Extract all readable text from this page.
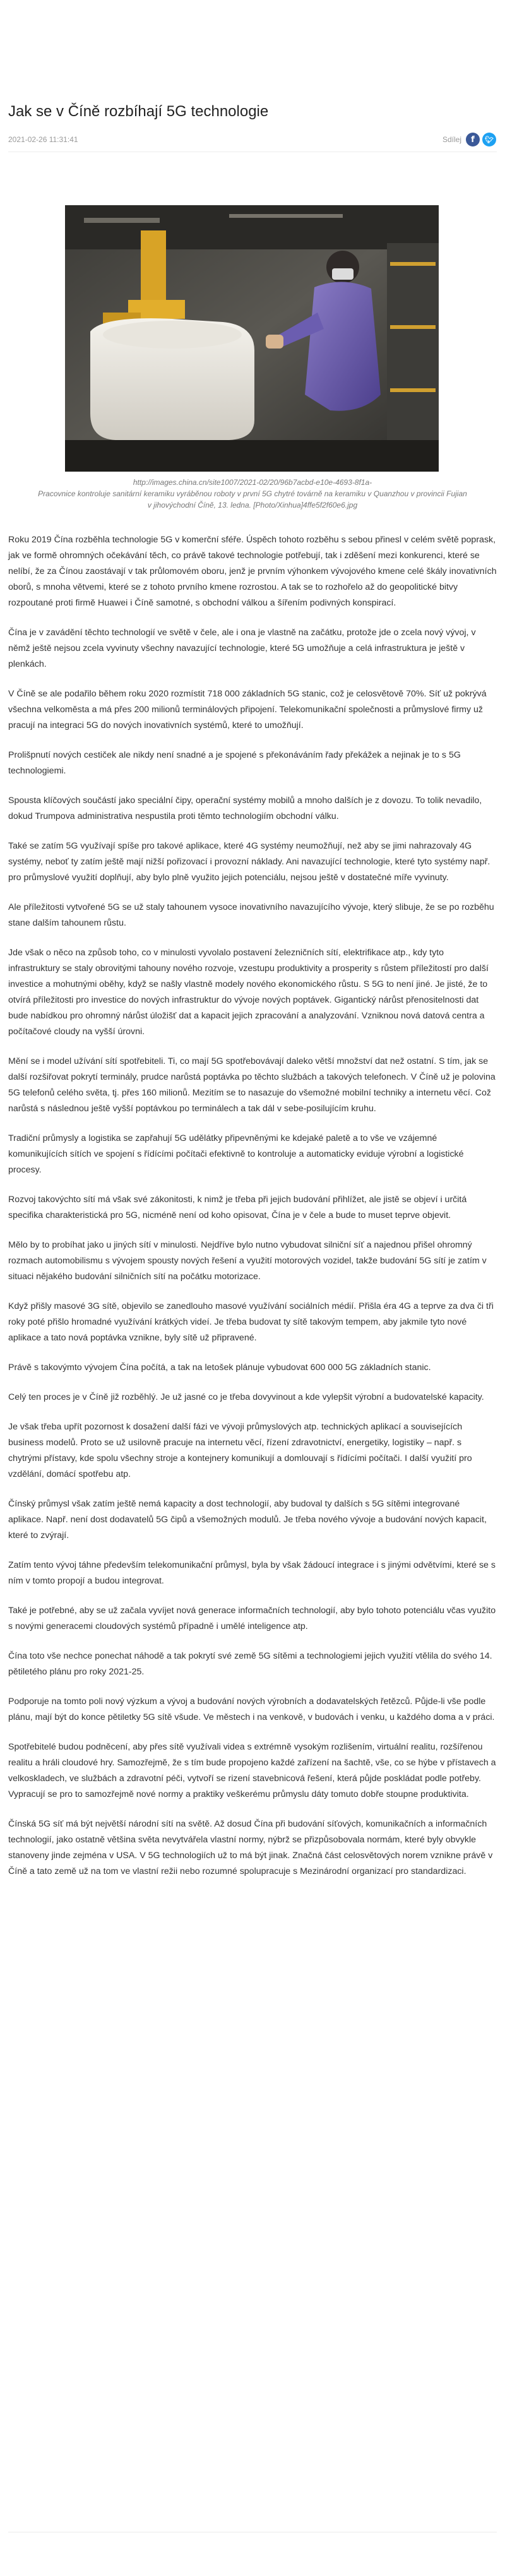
Jak se v Číně rozbíhají 5G technologie
2021-02-26 11:31:41	Sdílej	f	🐦︎
http://images.china.cn/site1007/2021-02/20/96b7acbd-e10e-4693-8f1a-
Pracovnice kontroluje sanitární keramiku vyráběnou roboty v první 5G chytré továrně na keramiku v Quanzhou v provincii Fujian v jihovýchodní Číně, 13. ledna. [Photo/Xinhua]4ffe5f2f60e6.jpg

Roku 2019 Čína rozběhla technologie 5G v komerční sféře. Úspěch tohoto rozběhu s sebou přinesl v celém světě poprask, jak ve formě ohromných očekávání těch, co právě takové technologie potřebují, tak i zděšení mezi konkurenci, které se nelíbí, že za Čínou zaostávají v tak průlomovém oboru, jenž je prvním výhonkem vývojového kmene celé škály inovativních oborů, s mnoha větvemi, které se z tohoto prvního kmene rozrostou. A tak se to rozhořelo až do geopolitické bitvy rozpoutané proti firmě Huawei i Číně samotné, s obchodní válkou a šířením podivných konspirací.

Čína je v zavádění těchto technologií ve světě v čele, ale i ona je vlastně na začátku, protože jde o zcela nový vývoj, v němž ještě nejsou zcela vyvinuty všechny navazující technologie, které 5G umožňuje a celá infrastruktura je ještě v plenkách.

V Číně se ale podařilo během roku 2020 rozmístit 718 000 základních 5G stanic, což je celosvětově 70%. Síť už pokrývá všechna velkoměsta a má přes 200 milionů terminálových připojení. Telekomunikační společnosti a průmyslové firmy už pracují na integraci 5G do nových inovativních systémů, které to umožňují.

Prolišpnutí nových cestiček ale nikdy není snadné a je spojené s překonáváním řady překážek a nejinak je to s 5G technologiemi.

Spousta klíčových součástí jako speciální čipy, operační systémy mobilů a mnoho dalších je z dovozu. To tolik nevadilo, dokud Trumpova administrativa nespustila proti těmto technologiím obchodní válku.

Také se zatím 5G využívají spíše pro takové aplikace, které 4G systémy neumožňují, než aby se jimi nahrazovaly 4G systémy, neboť ty zatím ještě mají nižší pořizovací i provozní náklady. Ani navazující technologie, které tyto systémy např. pro průmyslové využití doplňují, aby bylo plně využito jejich potenciálu, nejsou ještě v dostatečné míře vyvinuty.

Ale příležitosti vytvořené 5G se už staly tahounem vysoce inovativního navazujícího vývoje, který slibuje, že se po rozběhu stane dalším tahounem růstu.

Jde však o něco na způsob toho, co v minulosti vyvolalo postavení železničních sítí, elektrifikace atp., kdy tyto infrastruktury se staly obrovitými tahouny nového rozvoje, vzestupu produktivity a prosperity s růstem příležitostí pro další investice a mohutnými oběhy, když se našly vlastně modely nového ekonomického růstu. S 5G to není jiné. Je jisté, že to otvírá příležitosti pro investice do nových infrastruktur do vývoje nových poptávek. Gigantický nárůst přenositelnosti dat bude nabídkou pro ohromný nárůst úložišť dat a kapacit jejich zpracování a analyzování. Vzniknou nová datová centra a počítačové cloudy na vyšší úrovni.

Mění se i model užívání sítí spotřebiteli. Ti, co mají 5G spotřebovávají daleko větší množství dat než ostatní. S tím, jak se další rozšiřovat pokrytí terminály, prudce narůstá poptávka po těchto službách a takových telefonech. V Číně už je polovina 5G telefonů celého světa, tj. přes 160 milionů. Mezitím se to nasazuje do všemožné mobilní techniky a internetu věcí. Což narůstá s následnou ještě vyšší poptávkou po terminálech a tak dál v sebe-posilujícím kruhu.

Tradiční průmysly a logistika se zapřahují 5G udělátky připevněnými ke kdejaké paletě a to vše ve vzájemné komunikujících sítích ve spojení s řídícími počítači efektivně to kontroluje a automaticky eviduje výrobní a logistické procesy.

Rozvoj takovýchto sítí má však své zákonitosti, k nimž je třeba při jejich budování přihlížet, ale jistě se objeví i určitá specifika charakteristická pro 5G, nicméně není od koho opisovat, Čína je v čele a bude to muset teprve objevit.

Mělo by to probíhat jako u jiných sítí v minulosti. Nejdříve bylo nutno vybudovat silniční síť a najednou přišel ohromný rozmach automobilismu s vývojem spousty nových řešení a využití motorových vozidel, takže budování 5G sítí je zatím v situaci nějakého budování silničních sítí na počátku motorizace.

Když přišly masové 3G sítě, objevilo se zanedlouho masové využívání sociálních médií. Přišla éra 4G a teprve za dva či tři roky poté přišlo hromadné využívání krátkých videí. Je třeba budovat ty sítě takovým tempem, aby jakmile tyto nové aplikace a tato nová poptávka vznikne, byly sítě už připravené.

Právě s takovýmto vývojem Čína počítá, a tak na letošek plánuje vybudovat 600 000 5G základních stanic.

Celý ten proces je v Číně již rozběhlý. Je už jasné co je třeba dovyvinout a kde vylepšit výrobní a budovatelské kapacity.

Je však třeba upřít pozornost k dosažení další fázi ve vývoji průmyslových atp. technických aplikací a souvisejících business modelů. Proto se už usilovně pracuje na internetu věcí, řízení zdravotnictví, energetiky, logistiky – např. s chytrými přístavy, kde spolu všechny stroje a kontejnery komunikují a domlouvají s řídícími počítači. I další využití pro vzdělání, domácí spotřebu atp.

Čínský průmysl však zatím ještě nemá kapacity a dost technologií, aby budoval ty dalších s 5G sítěmi integrované aplikace. Např. není dost dodavatelů 5G čipů a všemožných modulů. Je třeba nového vývoje a budování nových kapacit, které to zvýrají.

Zatím tento vývoj táhne především telekomunikační průmysl, byla by však žádoucí integrace i s jinými odvětvími, které se s ním v tomto propojí a budou integrovat.

Také je potřebné, aby se už začala vyvíjet nová generace informačních technologií, aby bylo tohoto potenciálu včas využito s novými generacemi cloudových systémů případně i umělé inteligence atp.

Čína toto vše nechce ponechat náhodě a tak pokrytí své země 5G sítěmi a technologiemi jejich využití vtělila do svého 14. pětiletého plánu pro roky 2021-25.

Podporuje na tomto poli nový výzkum a vývoj a budování nových výrobních a dodavatelských řetězců. Půjde-li vše podle plánu, mají být do konce pětiletky 5G sítě všude. Ve městech i na venkově, v budovách i venku, u každého doma a v práci.

Spotřebitelé budou podněcení, aby přes sítě využívali videa s extrémně vysokým rozlišením, virtuální realitu, rozšířenou realitu a hráli cloudové hry. Samozřejmě, že s tím bude propojeno každé zařízení na šachtě, vše, co se hýbe v přístavech a velkoskladech, ve službách a zdravotní péči, vytvoří se rizení stavebnicová řešení, která půjde poskládat podle potřeby. Vypracují se pro to samozřejmě nové normy a praktiky veškerému průmyslu dáty tomuto dobře stoupne produktivita.

Čínská 5G síť má být největší národní sítí na světě. Až dosud Čína při budování síťových, komunikačních a informačních technologií, jako ostatně většina světa nevytvářela vlastní normy, nýbrž se přizpůsobovala normám, které byly obvykle stanoveny jinde zejména v USA. V 5G technologiích už to má být jinak. Značná část celosvětových norem vznikne právě v Číně a tato země už na tom ve vlastní režii nebo rozumné spolupracuje s Mezinárodní organizací pro standardizaci.
